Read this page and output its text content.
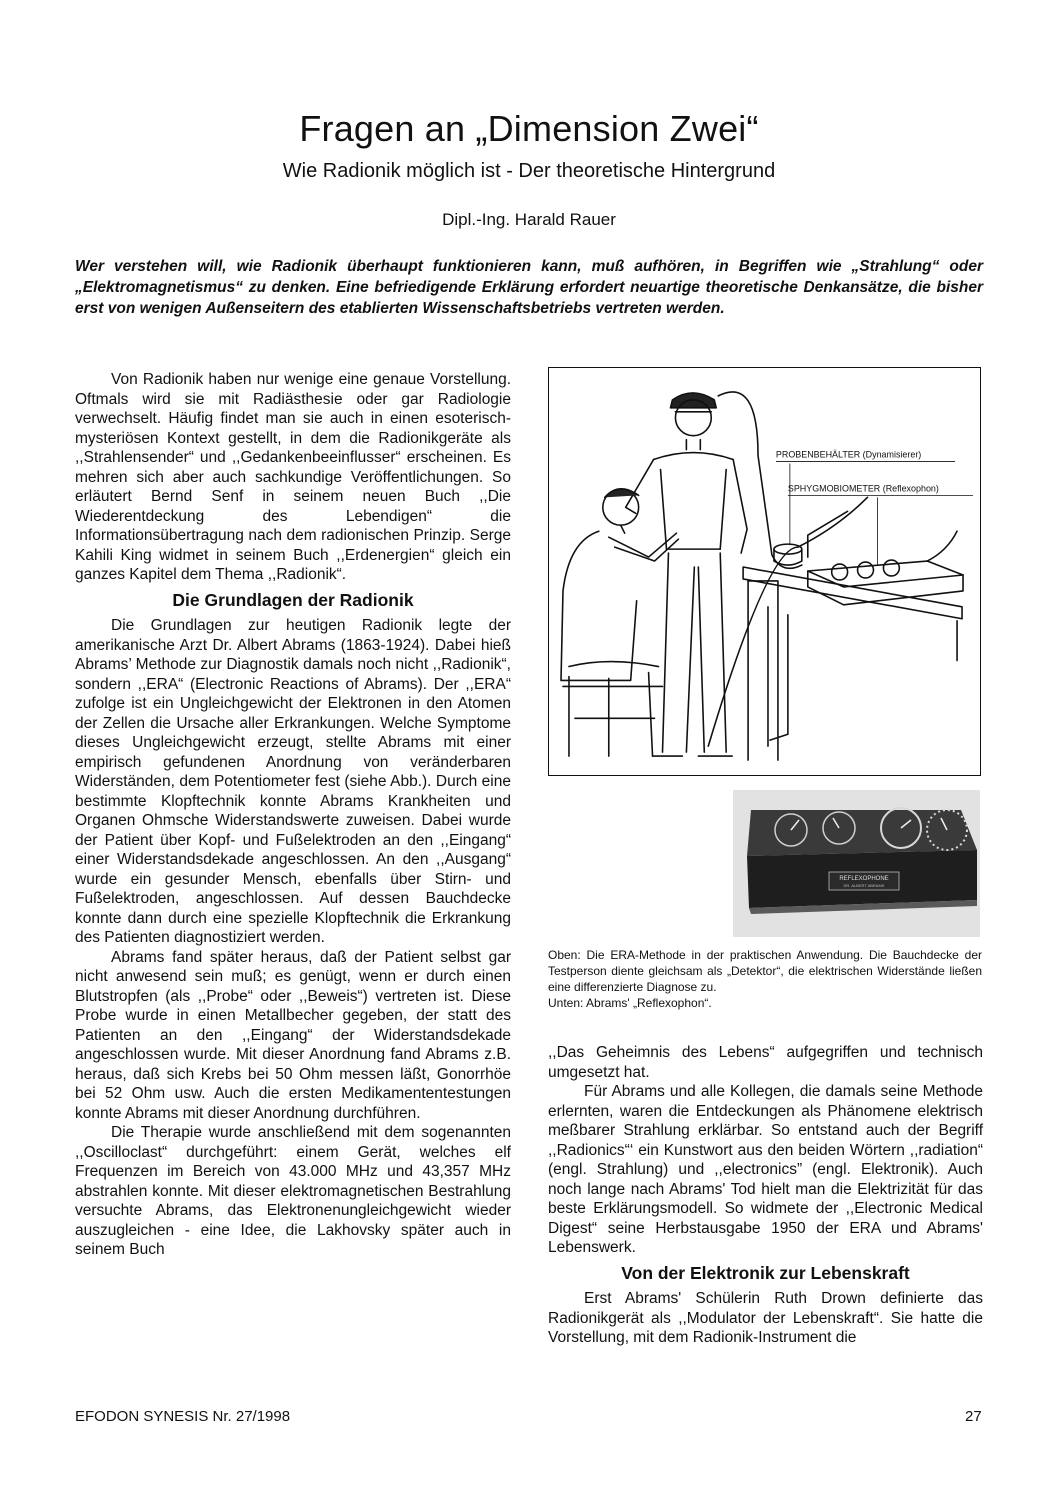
Fragen an „Dimension Zwei“
Wie Radionik möglich ist - Der theoretische Hintergrund
Dipl.-Ing. Harald Rauer
Wer verstehen will, wie Radionik überhaupt funktionieren kann, muß aufhören, in Begriffen wie „Strahlung“ oder „Elektromagnetismus“ zu denken. Eine befriedigende Erklärung erfordert neuartige theoretische Denkansätze, die bisher erst von wenigen Außenseitern des etablierten Wissenschaftsbetriebs vertreten werden.

Von Radionik haben nur wenige eine genaue Vorstellung. Oftmals wird sie mit Radiästhesie oder gar Radiologie verwechselt. Häufig findet man sie auch in einen esoterisch-mysteriösen Kontext gestellt, in dem die Radionikgeräte als ,,Strahlensender“ und ,,Gedankenbeeinflusser“ erscheinen. Es mehren sich aber auch sachkundige Veröffentlichungen. So erläutert Bernd Senf in seinem neuen Buch ,,Die Wiederentdeckung des Lebendigen“ die Informationsübertragung nach dem radionischen Prinzip. Serge Kahili King widmet in seinem Buch ,,Erdenergien“ gleich ein ganzes Kapitel dem Thema ,,Radionik“.

Die Grundlagen der Radionik

Die Grundlagen zur heutigen Radionik legte der amerikanische Arzt Dr. Albert Abrams (1863-1924). Dabei hieß Abrams’ Methode zur Diagnostik damals noch nicht ,,Radionik“, sondern ,,ERA“ (Electronic Reactions of Abrams). Der ,,ERA“ zufolge ist ein Ungleichgewicht der Elektronen in den Atomen der Zellen die Ursache aller Erkrankungen. Welche Symptome dieses Ungleichgewicht erzeugt, stellte Abrams mit einer empirisch gefundenen Anordnung von veränderbaren Widerständen, dem Potentiometer fest (siehe Abb.). Durch eine bestimmte Klopftechnik konnte Abrams Krankheiten und Organen Ohmsche Widerstandswerte zuweisen. Dabei wurde der Patient über Kopf- und Fußelektroden an den ,,Eingang“ einer Widerstandsdekade angeschlossen. An den ,,Ausgang“ wurde ein gesunder Mensch, ebenfalls über Stirn- und Fußelektroden, angeschlossen. Auf dessen Bauchdecke konnte dann durch eine spezielle Klopftechnik die Erkrankung des Patienten diagnostiziert werden.

Abrams fand später heraus, daß der Patient selbst gar nicht anwesend sein muß; es genügt, wenn er durch einen Blutstropfen (als ,,Probe“ oder ,,Beweis“) vertreten ist. Diese Probe wurde in einen Metallbecher gegeben, der statt des Patienten an den ,,Eingang“ der Widerstandsdekade angeschlossen wurde. Mit dieser Anordnung fand Abrams z.B. heraus, daß sich Krebs bei 50 Ohm messen läßt, Gonorrhöe bei 52 Ohm usw. Auch die ersten Medikamententestungen konnte Abrams mit dieser Anordnung durchführen.

Die Therapie wurde anschließend mit dem sogenannten ,,Oscilloclast“ durchgeführt: einem Gerät, welches elf Frequenzen im Bereich von 43.000 MHz und 43,357 MHz abstrahlen konnte. Mit dieser elektromagnetischen Bestrahlung versuchte Abrams, das Elektronenungleichgewicht wieder auszugleichen - eine Idee, die Lakhovsky später auch in seinem Buch

PROBENBEHÄLTER (Dynamisierer)
SPHYGMOBIOMETER (Reflexophon)
REFLEXOPHONE
DR. ALBERT ABRAMS
Oben: Die ERA-Methode in der praktischen Anwendung. Die Bauchdecke der Testperson diente gleichsam als „Detektor“, die elektrischen Widerstände ließen eine differenzierte Diagnose zu.
Unten: Abrams' „Reflexophon“.

,,Das Geheimnis des Lebens“ aufgegriffen und technisch umgesetzt hat.

Für Abrams und alle Kollegen, die damals seine Methode erlernten, waren die Entdeckungen als Phänomene elektrisch meßbarer Strahlung erklärbar. So entstand auch der Begriff ,,Radionics“‘ ein Kunstwort aus den beiden Wörtern ,,radiation“ (engl. Strahlung) und ,,electronics” (engl. Elektronik). Auch noch lange nach Abrams' Tod hielt man die Elektrizität für das beste Erklärungsmodell. So widmete der ,,Electronic Medical Digest“ seine Herbstausgabe 1950 der ERA und Abrams' Lebenswerk.

Von der Elektronik zur Lebenskraft

Erst Abrams' Schülerin Ruth Drown definierte das Radionikgerät als ,,Modulator der Lebenskraft“. Sie hatte die Vorstellung, mit dem Radionik-Instrument die

EFODON SYNESIS Nr. 27/1998	27
